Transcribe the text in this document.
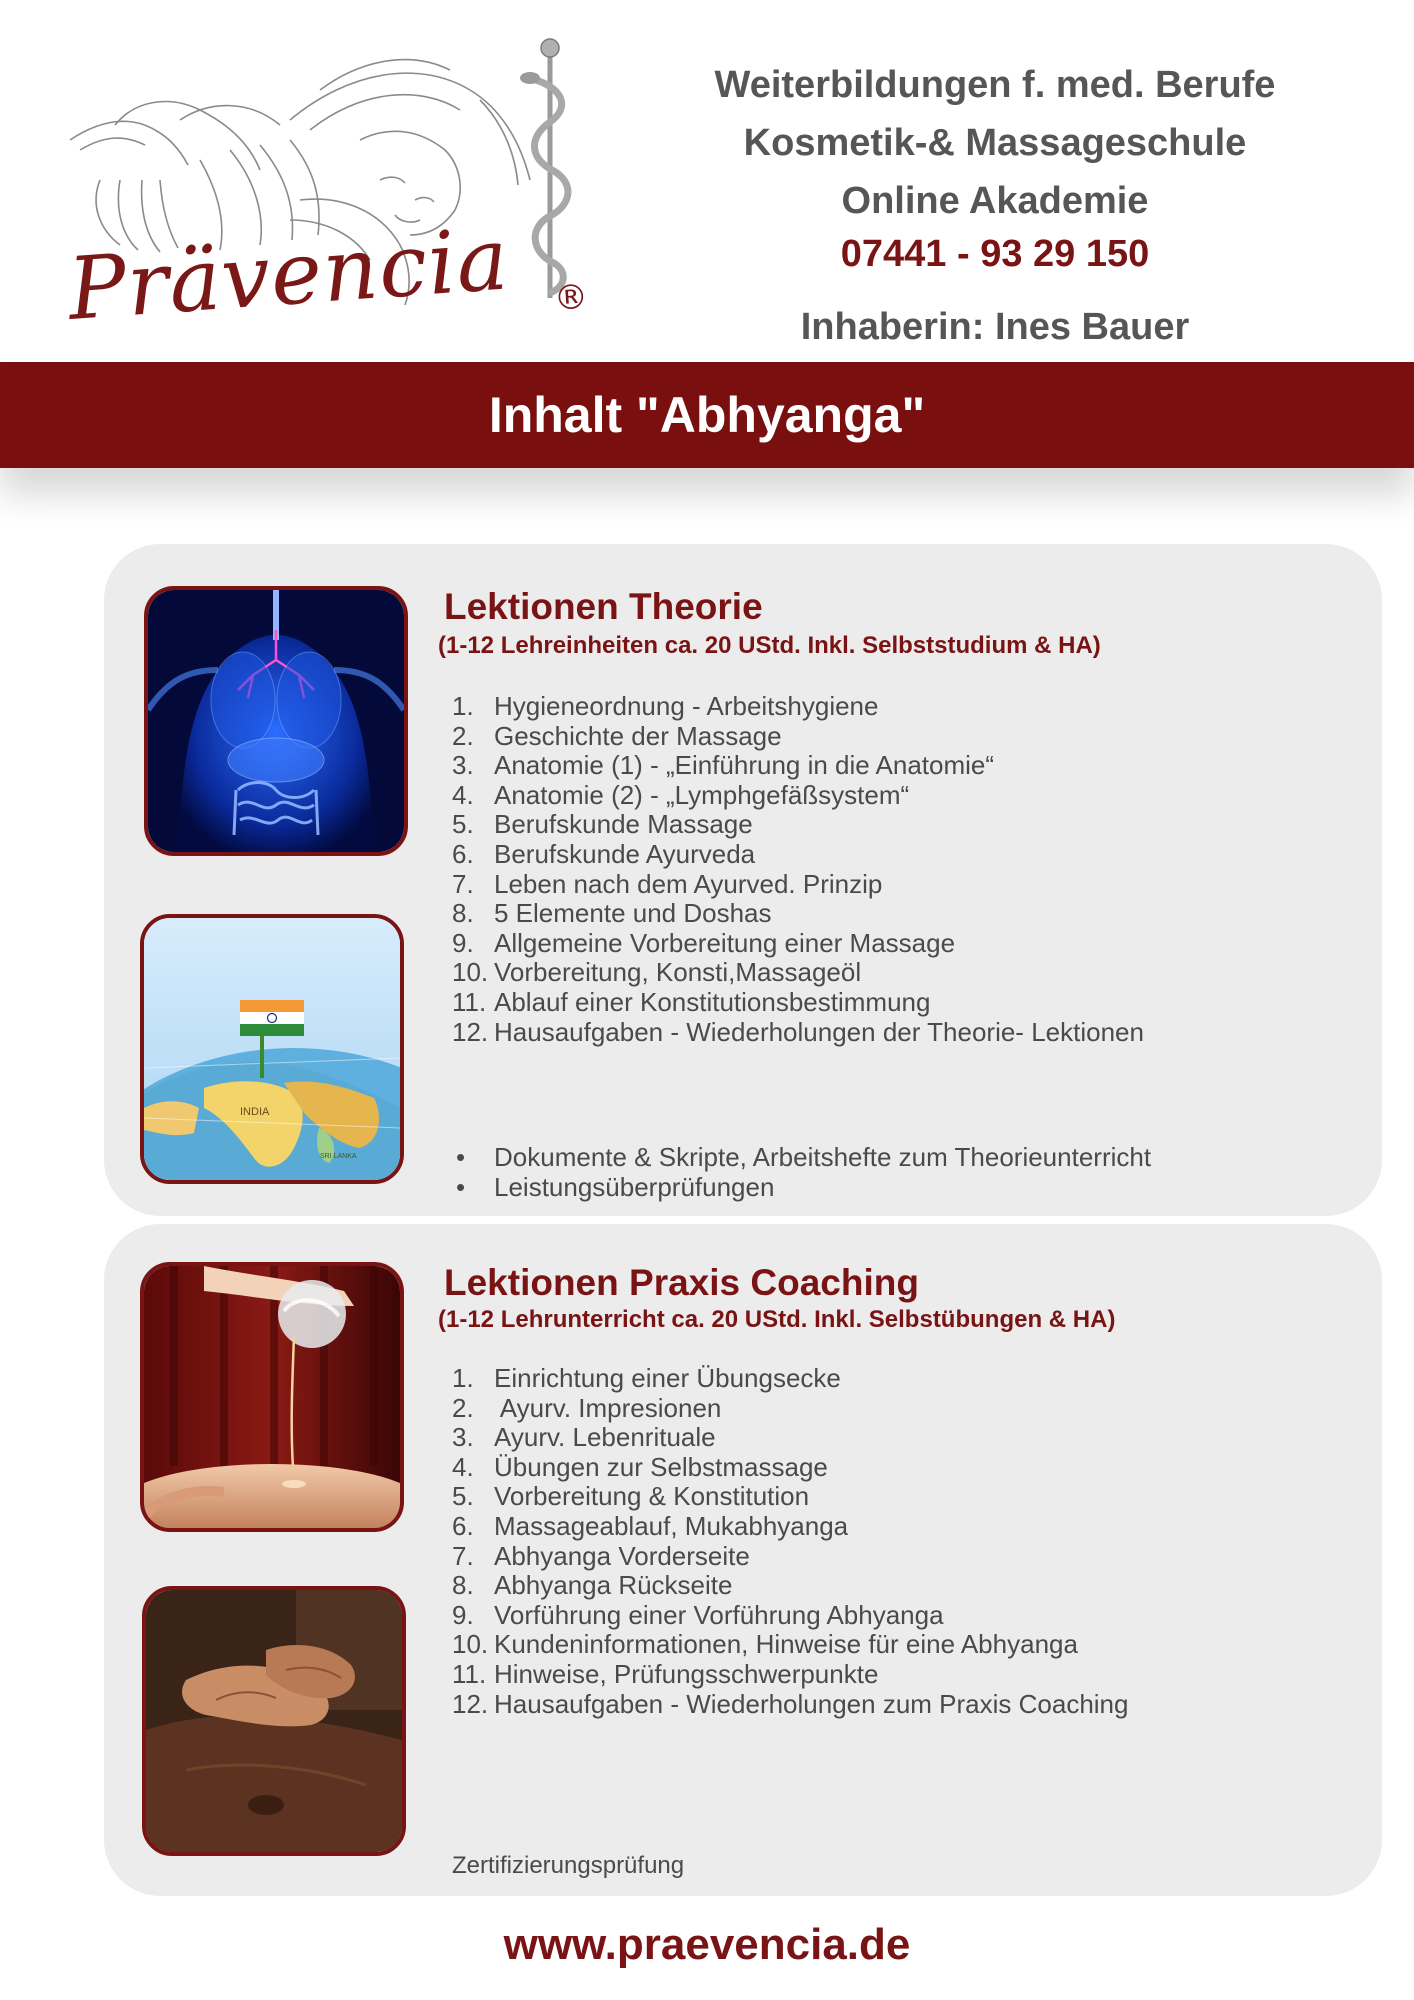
Prävencia ®
Weiterbildungen f. med. Berufe
Kosmetik-& Massageschule
Online Akademie
07441 - 93 29 150
Inhaberin: Ines Bauer
Inhalt "Abhyanga"
INDIA
SRI LANKA
Lektionen Theorie
(1-12 Lehreinheiten ca. 20 UStd. Inkl. Selbststudium & HA)
1. Hygieneordnung - Arbeitshygiene
2. Geschichte der Massage
3. Anatomie (1) - „Einführung in die Anatomie“
4. Anatomie (2) - „Lymphgefäßsystem“
5. Berufskunde Massage
6. Berufskunde Ayurveda
7. Leben nach dem Ayurved. Prinzip
8. 5 Elemente und Doshas
9. Allgemeine Vorbereitung einer Massage
10. Vorbereitung, Konsti,Massageöl
11. Ablauf einer Konstitutionsbestimmung
12. Hausaufgaben - Wiederholungen der Theorie- Lektionen
• Dokumente & Skripte, Arbeitshefte zum Theorieunterricht
• Leistungsüberprüfungen
Lektionen Praxis Coaching
(1-12 Lehrunterricht ca. 20 UStd. Inkl. Selbstübungen & HA)
1. Einrichtung einer Übungsecke
2. Ayurv. Impresionen
3. Ayurv. Lebenrituale
4. Übungen zur Selbstmassage
5. Vorbereitung & Konstitution
6. Massageablauf, Mukabhyanga
7. Abhyanga Vorderseite
8. Abhyanga Rückseite
9. Vorführung einer Vorführung Abhyanga
10. Kundeninformationen, Hinweise für eine Abhyanga
11. Hinweise, Prüfungsschwerpunkte
12. Hausaufgaben - Wiederholungen zum Praxis Coaching
Zertifizierungsprüfung
www.praevencia.de
